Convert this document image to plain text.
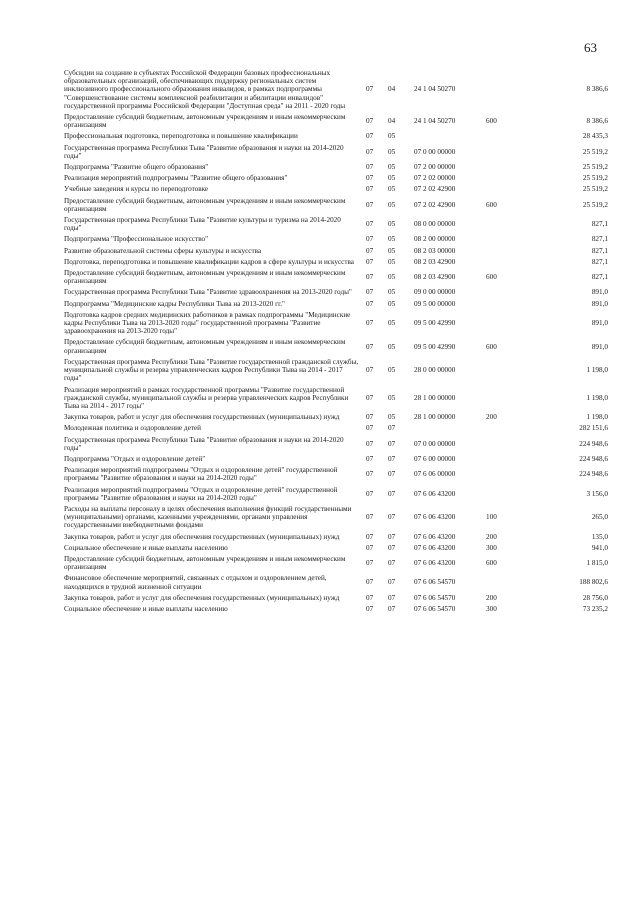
63
Субсидии на создание в субъектах Российской Федерации базовых профессиональных образовательных организаций, обеспечивающих поддержку региональных систем инклюзивного профессионального образования инвалидов, в рамках подпрограммы "Совершенствование системы комплексной реабилитации и абилитации инвалидов" государственной программы Российской Федерации "Доступная среда" на 2011 - 2020 годы	07	04	24 1 04 50270		8 386,6
Предоставление субсидий бюджетным, автономным учреждениям и иным некоммерческим организациям	07	04	24 1 04 50270	600	8 386,6
Профессиональная подготовка, переподготовка и повышение квалификации	07	05			28 435,3
Государственная программа Республики Тыва "Развитие образования и науки на 2014-2020 годы"	07	05	07 0 00 00000		25 519,2
Подпрограмма "Развитие общего образования"	07	05	07 2 00 00000		25 519,2
Реализация мероприятий подпрограммы "Развитие общего образования"	07	05	07 2 02 00000		25 519,2
Учебные заведения и курсы по переподготовке	07	05	07 2 02 42900		25 519,2
Предоставление субсидий бюджетным, автономным учреждениям и иным некоммерческим организациям	07	05	07 2 02 42900	600	25 519,2
Государственная программа Республики Тыва "Развитие культуры и туризма на 2014-2020 годы"	07	05	08 0 00 00000		827,1
Подпрограмма "Профессиональное искусство"	07	05	08 2 00 00000		827,1
Развитие образовательной системы сферы культуры и искусства	07	05	08 2 03 00000		827,1
Подготовка, переподготовка и повышение квалификации кадров в сфере культуры и искусства	07	05	08 2 03 42900		827,1
Предоставление субсидий бюджетным, автономным учреждениям и иным некоммерческим организациям	07	05	08 2 03 42900	600	827,1
Государственная программа Республики Тыва "Развитие здравоохранения на 2013-2020 годы"	07	05	09 0 00 00000		891,0
Подпрограмма "Медицинские кадры Республики Тыва на 2013-2020 гг."	07	05	09 5 00 00000		891,0
Подготовка кадров средних медицинских работников в рамках подпрограммы "Медицинские кадры Республики Тыва на 2013-2020 годы" государственной программы "Развитие здравоохранения на 2013-2020 годы"	07	05	09 5 00 42990		891,0
Предоставление субсидий бюджетным, автономным учреждениям и иным некоммерческим организациям	07	05	09 5 00 42990	600	891,0
Государственная программа Республики Тыва "Развитие государственной гражданской службы, муниципальной службы и резерва управленческих кадров Республики Тыва на 2014 - 2017 годы"	07	05	28 0 00 00000		1 198,0
Реализация мероприятий в рамках государственной программы "Развитие государственной гражданской службы, муниципальной службы и резерва управленческих кадров Республики Тыва на 2014 - 2017 годы"	07	05	28 1 00 00000		1 198,0
Закупка товаров, работ и услуг для обеспечения государственных (муниципальных) нужд	07	05	28 1 00 00000	200	1 198,0
Молодежная политика и оздоровление детей	07	07			282 151,6
Государственная программа Республики Тыва "Развитие образования и науки на 2014-2020 годы"	07	07	07 0 00 00000		224 948,6
Подпрограмма "Отдых и оздоровление детей"	07	07	07 6 00 00000		224 948,6
Реализация мероприятий подпрограммы "Отдых и оздоровление детей" государственной программы "Развитие образования и науки на 2014-2020 годы"	07	07	07 6 06 00000		224 948,6
Реализация мероприятий подпрограммы "Отдых и оздоровление детей" государственной программы "Развитие образования и науки на 2014-2020 годы"	07	07	07 6 06 43200		3 156,0
Расходы на выплаты персоналу в целях обеспечения выполнения функций государственными (муниципальными) органами, казенными учреждениями, органами управления государственными внебюджетными фондами	07	07	07 6 06 43200	100	265,0
Закупка товаров, работ и услуг для обеспечения государственных (муниципальных) нужд	07	07	07 6 06 43200	200	135,0
Социальное обеспечение и иные выплаты населению	07	07	07 6 06 43200	300	941,0
Предоставление субсидий бюджетным, автономным учреждениям и иным некоммерческим организациям	07	07	07 6 06 43200	600	1 815,0
Финансовое обеспечение мероприятий, связанных с отдыхом и оздоровлением детей, находящихся в трудной жизненной ситуации	07	07	07 6 06 54570		188 802,6
Закупка товаров, работ и услуг для обеспечения государственных (муниципальных) нужд	07	07	07 6 06 54570	200	28 756,0
Социальное обеспечение и иные выплаты населению	07	07	07 6 06 54570	300	73 235,2
